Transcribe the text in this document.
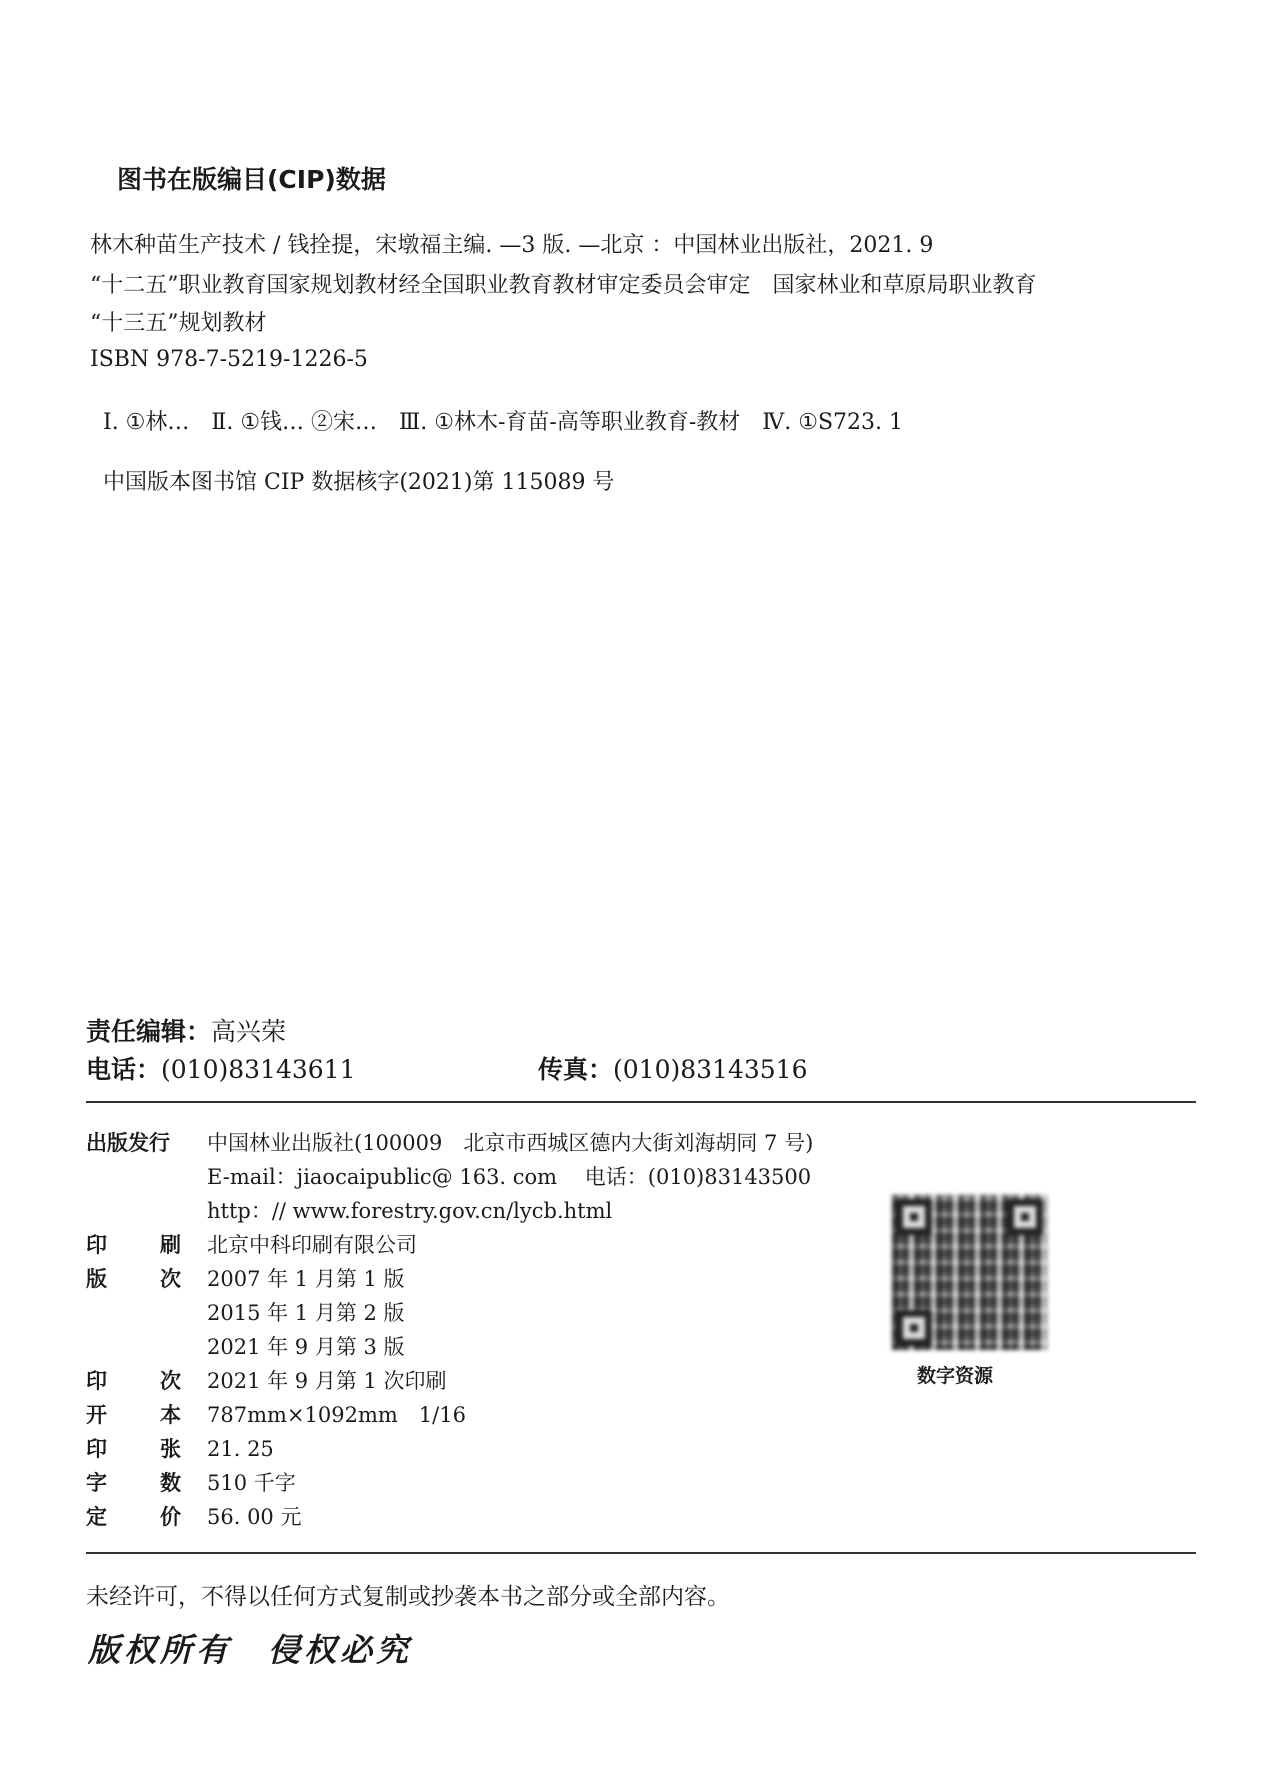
图书在版编目(CIP)数据
林木种苗生产技术 / 钱拴提，宋墩福主编. —3 版. —北京 ：中国林业出版社，2021. 9
“十二五”职业教育国家规划教材经全国职业教育教材审定委员会审定　国家林业和草原局职业教育
“十三五”规划教材
ISBN 978-7-5219-1226-5
Ⅰ. ①林…　Ⅱ. ①钱… ②宋…　Ⅲ. ①林木-育苗-高等职业教育-教材　Ⅳ. ①S723. 1
中国版本图书馆 CIP 数据核字(2021)第 115089 号
责任编辑：高兴荣
电话：(010)83143611	传真：(010)83143516
出版发行	中国林业出版社(100009　北京市西城区德内大街刘海胡同 7 号)
E-mail：jiaocaipublic@ 163. com　 电话：(010)83143500
http：// www.forestry.gov.cn/lycb.html
印	刷 北京中科印刷有限公司
版	次 2007 年 1 月第 1 版
2015 年 1 月第 2 版
2021 年 9 月第 3 版
印	次 2021 年 9 月第 1 次印刷
开	本 787mm×1092mm　1/16
印	张 21. 25
字	数 510 千字
定	价 56. 00 元
数字资源
未经许可，不得以任何方式复制或抄袭本书之部分或全部内容。
版权所有　侵权必究
